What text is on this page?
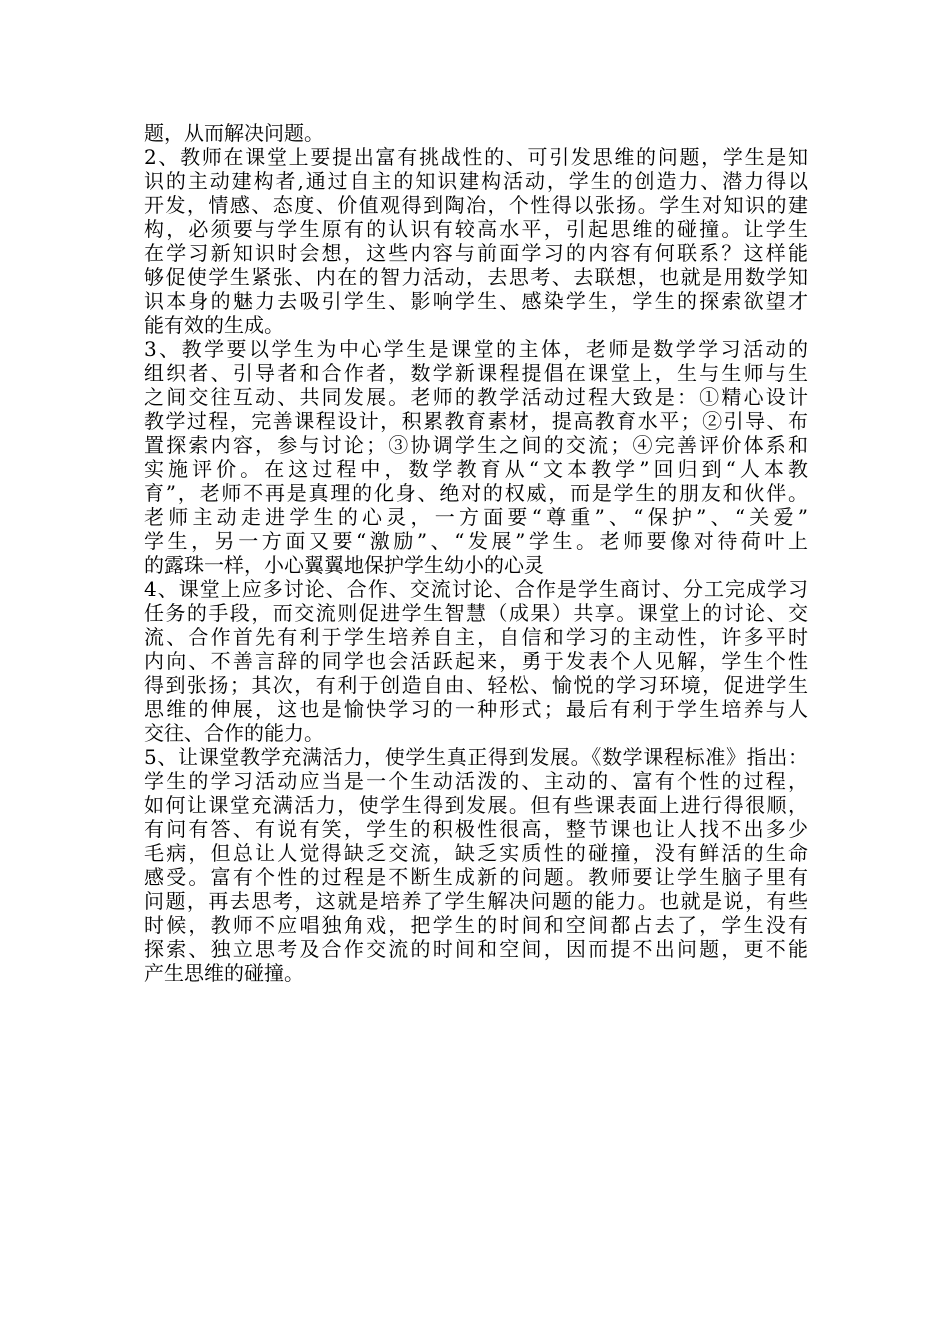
题，从而解决问题。
2、教师在课堂上要提出富有挑战性的、可引发思维的问题，学生是知
识的主动建构者,通过自主的知识建构活动，学生的创造力、潜力得以
开发，情感、态度、价值观得到陶冶，个性得以张扬。学生对知识的建
构，必须要与学生原有的认识有较高水平，引起思维的碰撞。让学生
在学习新知识时会想，这些内容与前面学习的内容有何联系？这样能
够促使学生紧张、内在的智力活动，去思考、去联想，也就是用数学知
识本身的魅力去吸引学生、影响学生、感染学生，学生的探索欲望才
能有效的生成。
3、教学要以学生为中心学生是课堂的主体，老师是数学学习活动的
组织者、引导者和合作者，数学新课程提倡在课堂上，生与生师与生
之间交往互动、共同发展。老师的教学活动过程大致是：①精心设计
教学过程，完善课程设计，积累教育素材，提高教育水平；②引导、布
置探索内容，参与讨论；③协调学生之间的交流；④完善评价体系和
实施评价。在这过程中，数学教育从“文本教学”回归到“人本教
育”，老师不再是真理的化身、绝对的权威，而是学生的朋友和伙伴。
老师主动走进学生的心灵，一方面要“尊重”、“保护”、“关爱”
学生，另一方面又要“激励”、“发展”学生。老师要像对待荷叶上
的露珠一样，小心翼翼地保护学生幼小的心灵
4、课堂上应多讨论、合作、交流讨论、合作是学生商讨、分工完成学习
任务的手段，而交流则促进学生智慧（成果）共享。课堂上的讨论、交
流、合作首先有利于学生培养自主，自信和学习的主动性，许多平时
内向、不善言辞的同学也会活跃起来，勇于发表个人见解，学生个性
得到张扬；其次，有利于创造自由、轻松、愉悦的学习环境，促进学生
思维的伸展，这也是愉快学习的一种形式；最后有利于学生培养与人
交往、合作的能力。
5、让课堂教学充满活力，使学生真正得到发展。《数学课程标准》指出：
学生的学习活动应当是一个生动活泼的、主动的、富有个性的过程，
如何让课堂充满活力，使学生得到发展。但有些课表面上进行得很顺，
有问有答、有说有笑，学生的积极性很高，整节课也让人找不出多少
毛病，但总让人觉得缺乏交流，缺乏实质性的碰撞，没有鲜活的生命
感受。富有个性的过程是不断生成新的问题。教师要让学生脑子里有
问题，再去思考，这就是培养了学生解决问题的能力。也就是说，有些
时候，教师不应唱独角戏，把学生的时间和空间都占去了，学生没有
探索、独立思考及合作交流的时间和空间，因而提不出问题，更不能
产生思维的碰撞。
